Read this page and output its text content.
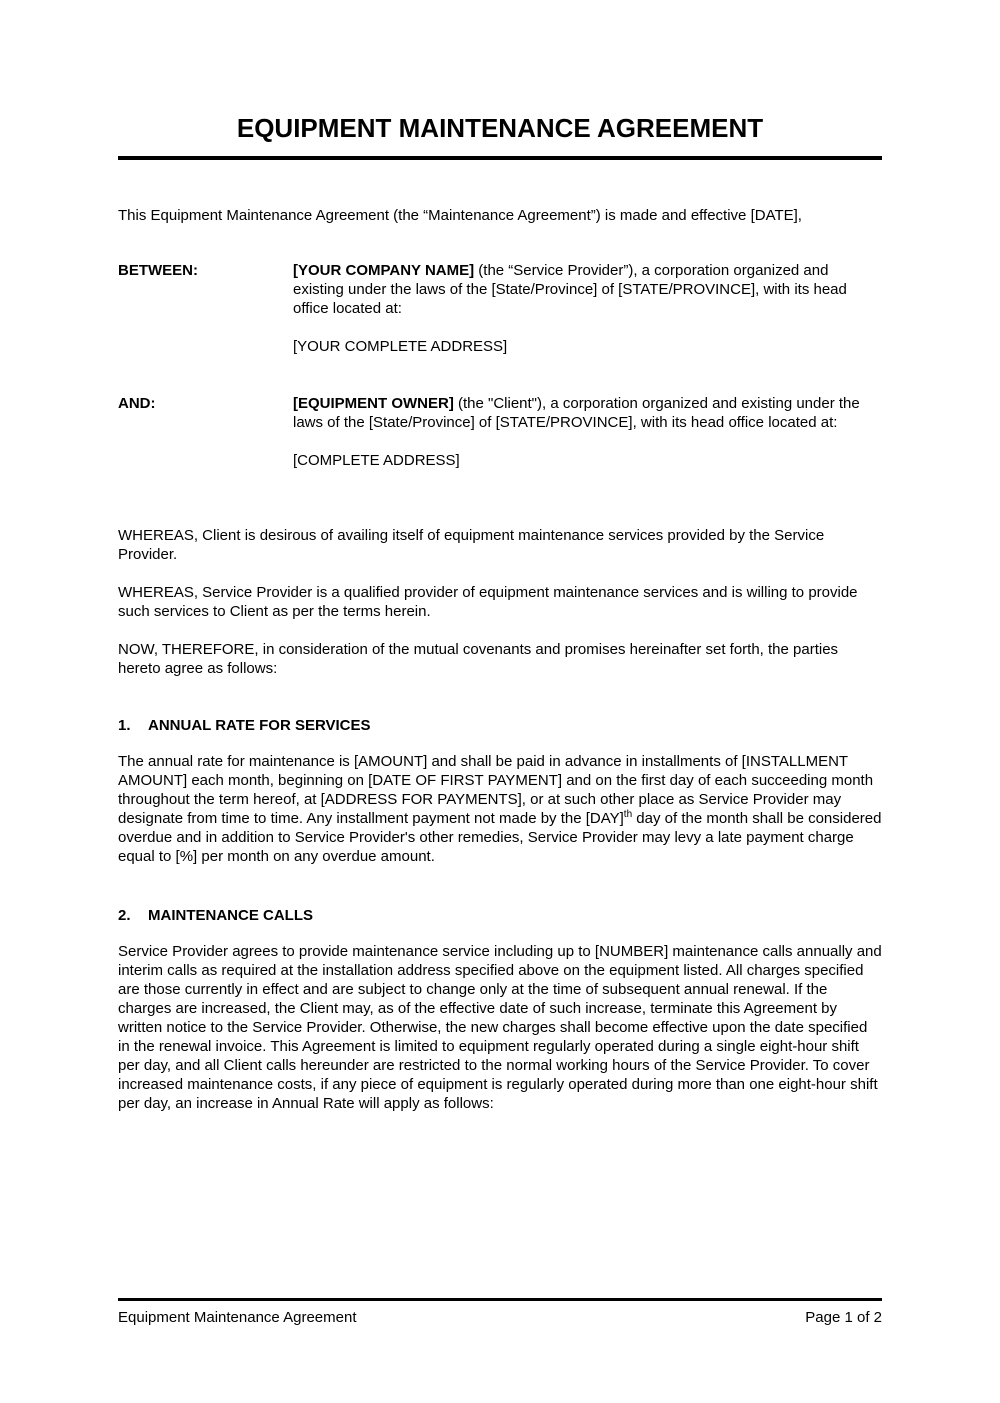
EQUIPMENT MAINTENANCE AGREEMENT

This Equipment Maintenance Agreement (the “Maintenance Agreement”) is made and effective [DATE],

BETWEEN:	[YOUR COMPANY NAME] (the “Service Provider”), a corporation organized and existing under the laws of the [State/Province] of [STATE/PROVINCE], with its head office located at:

[YOUR COMPLETE ADDRESS]

AND:	[EQUIPMENT OWNER] (the "Client"), a corporation organized and existing under the laws of the [State/Province] of [STATE/PROVINCE], with its head office located at:

[COMPLETE ADDRESS]

WHEREAS, Client is desirous of availing itself of equipment maintenance services provided by the Service Provider.

WHEREAS, Service Provider is a qualified provider of equipment maintenance services and is willing to provide such services to Client as per the terms herein.

NOW, THEREFORE, in consideration of the mutual covenants and promises hereinafter set forth, the parties hereto agree as follows:

1.	ANNUAL RATE FOR SERVICES

The annual rate for maintenance is [AMOUNT] and shall be paid in advance in installments of [INSTALLMENT AMOUNT] each month, beginning on [DATE OF FIRST PAYMENT] and on the first day of each succeeding month throughout the term hereof, at [ADDRESS FOR PAYMENTS], or at such other place as Service Provider may designate from time to time. Any installment payment not made by the [DAY]$^{th}$ day of the month shall be considered overdue and in addition to Service Provider's other remedies, Service Provider may levy a late payment charge equal to [%] per month on any overdue amount.

2.	MAINTENANCE CALLS

Service Provider agrees to provide maintenance service including up to [NUMBER] maintenance calls annually and interim calls as required at the installation address specified above on the equipment listed. All charges specified are those currently in effect and are subject to change only at the time of subsequent annual renewal. If the charges are increased, the Client may, as of the effective date of such increase, terminate this Agreement by written notice to the Service Provider. Otherwise, the new charges shall become effective upon the date specified in the renewal invoice. This Agreement is limited to equipment regularly operated during a single eight-hour shift per day, and all Client calls hereunder are restricted to the normal working hours of the Service Provider. To cover increased maintenance costs, if any piece of equipment is regularly operated during more than one eight-hour shift per day, an increase in Annual Rate will apply as follows:

Equipment Maintenance Agreement	Page 1 of 2
